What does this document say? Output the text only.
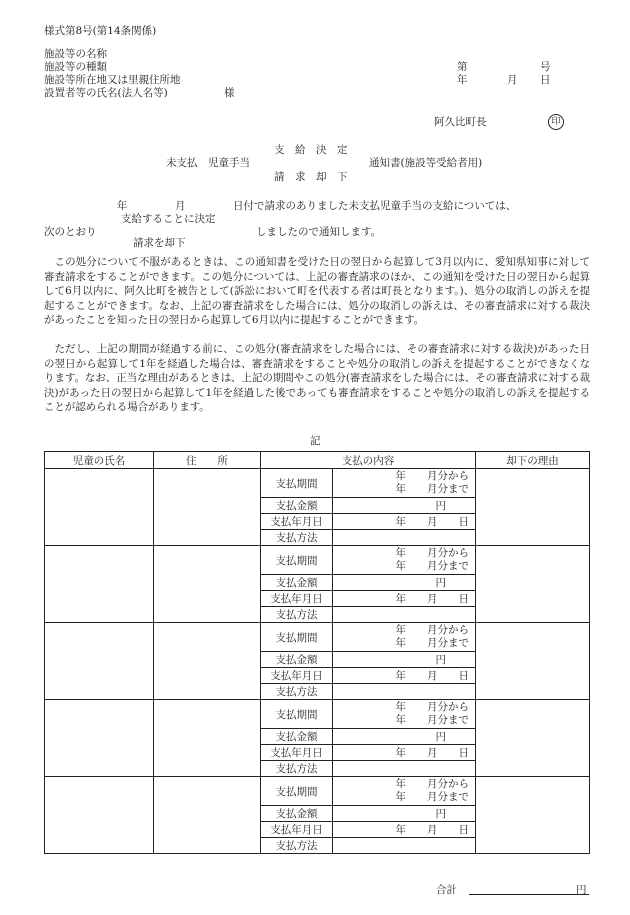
様式第8号(第14条関係)
施設等の名称
施設等の種類
施設等所在地又は里親住所地
設置者等の氏名(法人名等)	様
第	号
年	月 日
阿久比町長	印
支　給　決　定
未支払　児童手当	通知書(施設等受給者用)
請　求　却　下
年	月	日付で請求のありました未支払児童手当の支給については、
支給することに決定
次のとおり	しましたので通知します。
請求を却下
この処分について不服があるときは、この通知書を受けた日の翌日から起算して3月以内に、愛知県知事に対して審査請求をすることができます。この処分については、上記の審査請求のほか、この通知を受けた日の翌日から起算して6月以内に、阿久比町を被告として(訴訟において町を代表する者は町長となります。)、処分の取消しの訴えを提起することができます。なお、上記の審査請求をした場合には、処分の取消しの訴えは、その審査請求に対する裁決があったことを知った日の翌日から起算して6月以内に提起することができます。
ただし、上記の期間が経過する前に、この処分(審査請求をした場合には、その審査請求に対する裁決)があった日の翌日から起算して1年を経過した場合は、審査請求をすることや処分の取消しの訴えを提起することができなくなります。なお、正当な理由があるときは、上記の期間やこの処分(審査請求をした場合には、その審査請求に対する裁決)があった日の翌日から起算して1年を経過した後であっても審査請求をすることや処分の取消しの訴えを提起することが認められる場合があります。
記
児童の氏名	住　　所	支払の内容		却下の理由
		支払期間	年　　月分から
年　　月分まで	

		支払金額	円	
		支払年月日	年　　月　　日	
		支払方法		
		支払期間	年　　月分から
年　　月分まで	

		支払金額	円	
		支払年月日	年　　月　　日	
		支払方法		
		支払期間	年　　月分から
年　　月分まで	

		支払金額	円	
		支払年月日	年　　月　　日	
		支払方法		
		支払期間	年　　月分から
年　　月分まで	

		支払金額	円	
		支払年月日	年　　月　　日	
		支払方法		
		支払期間	年　　月分から
年　　月分まで	

		支払金額	円	
		支払年月日	年　　月　　日	
		支払方法		
合計	円
